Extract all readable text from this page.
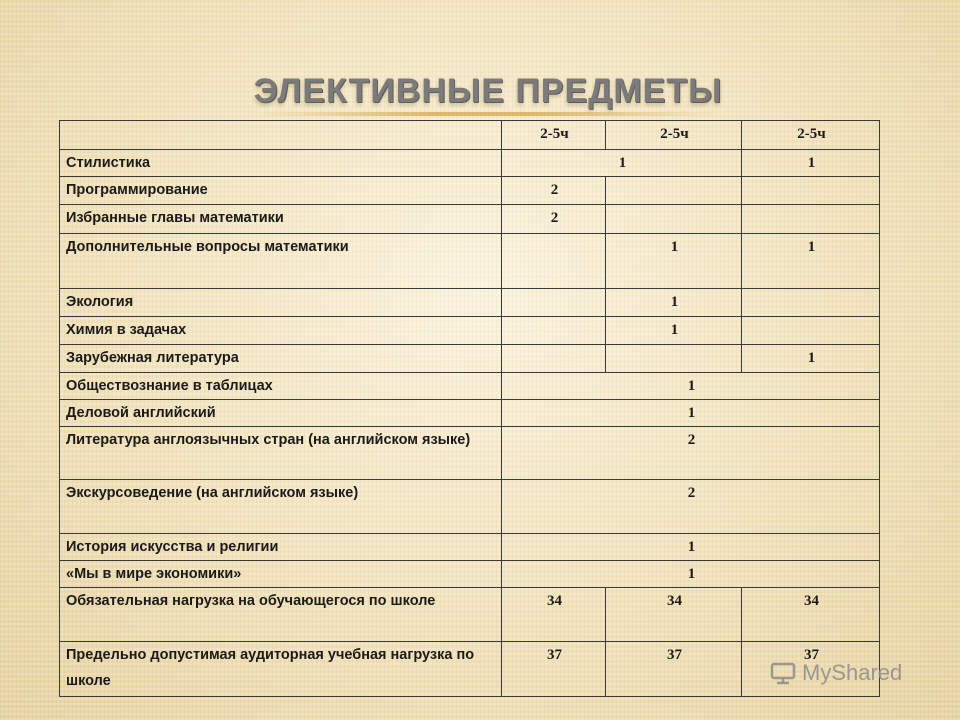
ЭЛЕКТИВНЫЕ ПРЕДМЕТЫ
	2-5ч	2-5ч	2-5ч
Стилистика	1		1
Программирование	2		
Избранные главы математики	2		
Дополнительные вопросы математики		1	1
Экология		1	
Химия в задачах		1	
Зарубежная литература			1
Обществознание в таблицах	1		
Деловой английский	1		
Литература англоязычных стран (на английском языке)	2		
Экскурсоведение (на английском языке)	2		
История искусства и религии	1		
«Мы в мире экономики»	1		
Обязательная нагрузка на обучающегося по школе	34	34	34
Предельно допустимая аудиторная учебная нагрузка по школе	37	37	37
MyShared
